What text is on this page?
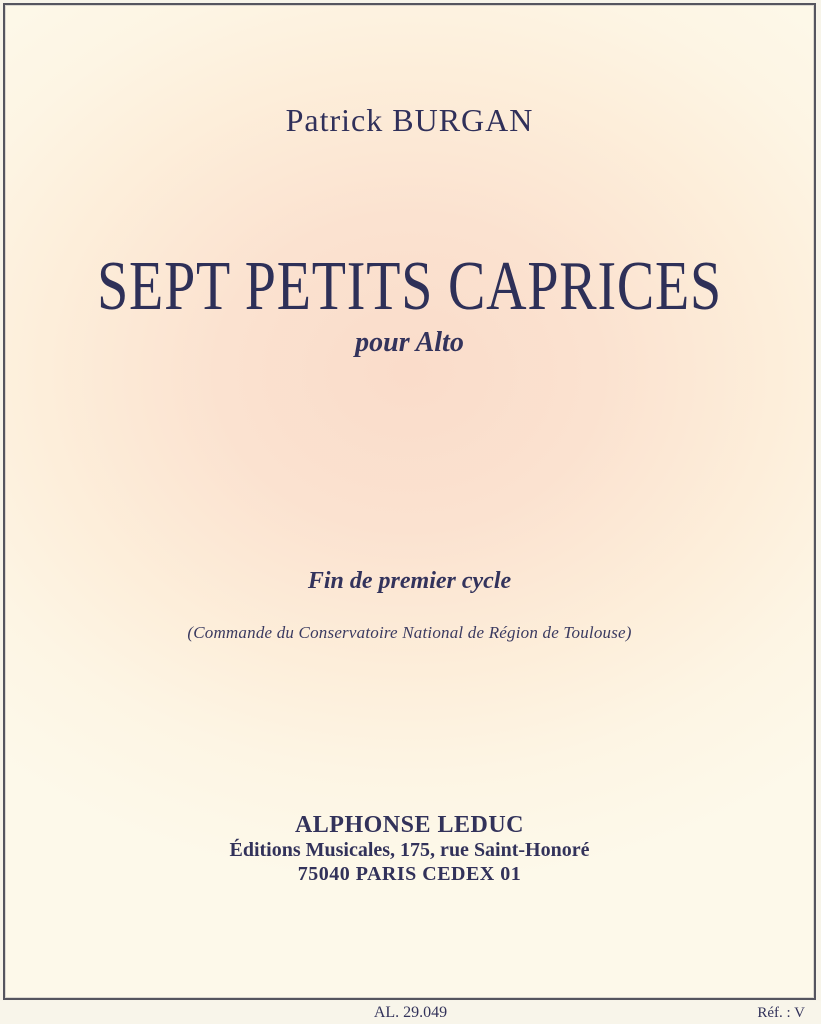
Patrick BURGAN
SEPT PETITS CAPRICES
pour Alto
Fin de premier cycle
(Commande du Conservatoire National de Région de Toulouse)
ALPHONSE LEDUC
Éditions Musicales, 175, rue Saint-Honoré
75040 PARIS CEDEX 01
AL. 29.049	Réf. : V
